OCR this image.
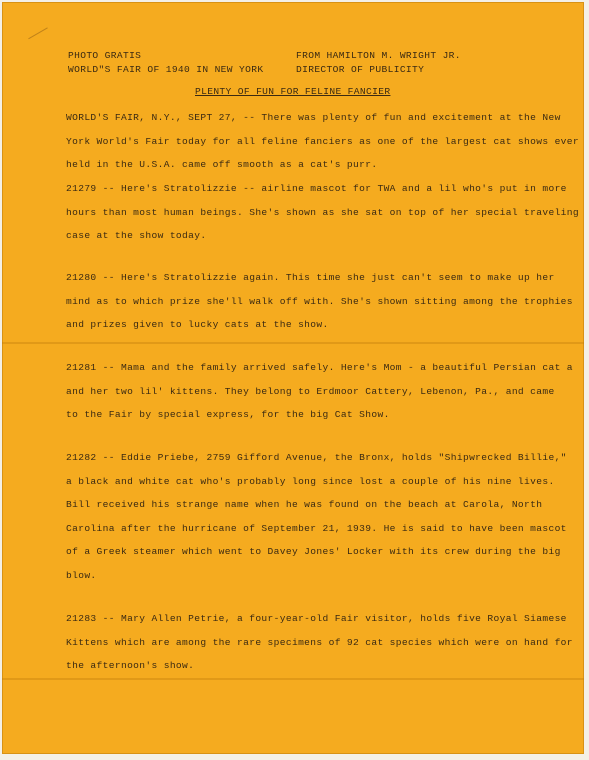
PHOTO GRATIS
WORLD"S FAIR OF 1940 IN NEW YORK
FROM HAMILTON M. WRIGHT JR.
DIRECTOR OF PUBLICITY
PLENTY OF FUN FOR FELINE FANCIER
WORLD'S FAIR, N.Y., SEPT 27, -- There was plenty of fun and excitement at the New
York World's Fair today for all feline fanciers as one of the largest cat shows ever
held in the U.S.A. came off smooth as a cat's purr.
21279 -- Here's Stratolizzie -- airline mascot for TWA and a lil who's put in more
hours than most human beings. She's shown as she sat on top of her special traveling
case at the show today.
21280 -- Here's Stratolizzie again. This time she just can't seem to make up her
mind as to which prize she'll walk off with. She's shown sitting among the trophies
and prizes given to lucky cats at the show.
21281 -- Mama and the family arrived safely. Here's Mom - a beautiful Persian cat a
and her two lil' kittens. They belong to Erdmoor Cattery, Lebenon, Pa., and came
to the Fair by special express, for the big Cat Show.
21282 -- Eddie Priebe, 2759 Gifford Avenue, the Bronx, holds "Shipwrecked Billie,"
a black and white cat who's probably long since lost a couple of his nine lives.
Bill received his strange name when he was found on the beach at Carola, North
Carolina after the hurricane of September 21, 1939. He is said to have been mascot
of a Greek steamer which went to Davey Jones' Locker with its crew during the big
blow.
21283 -- Mary Allen Petrie, a four-year-old Fair visitor, holds five Royal Siamese
Kittens which are among the rare specimens of 92 cat species which were on hand for
the afternoon's show.
